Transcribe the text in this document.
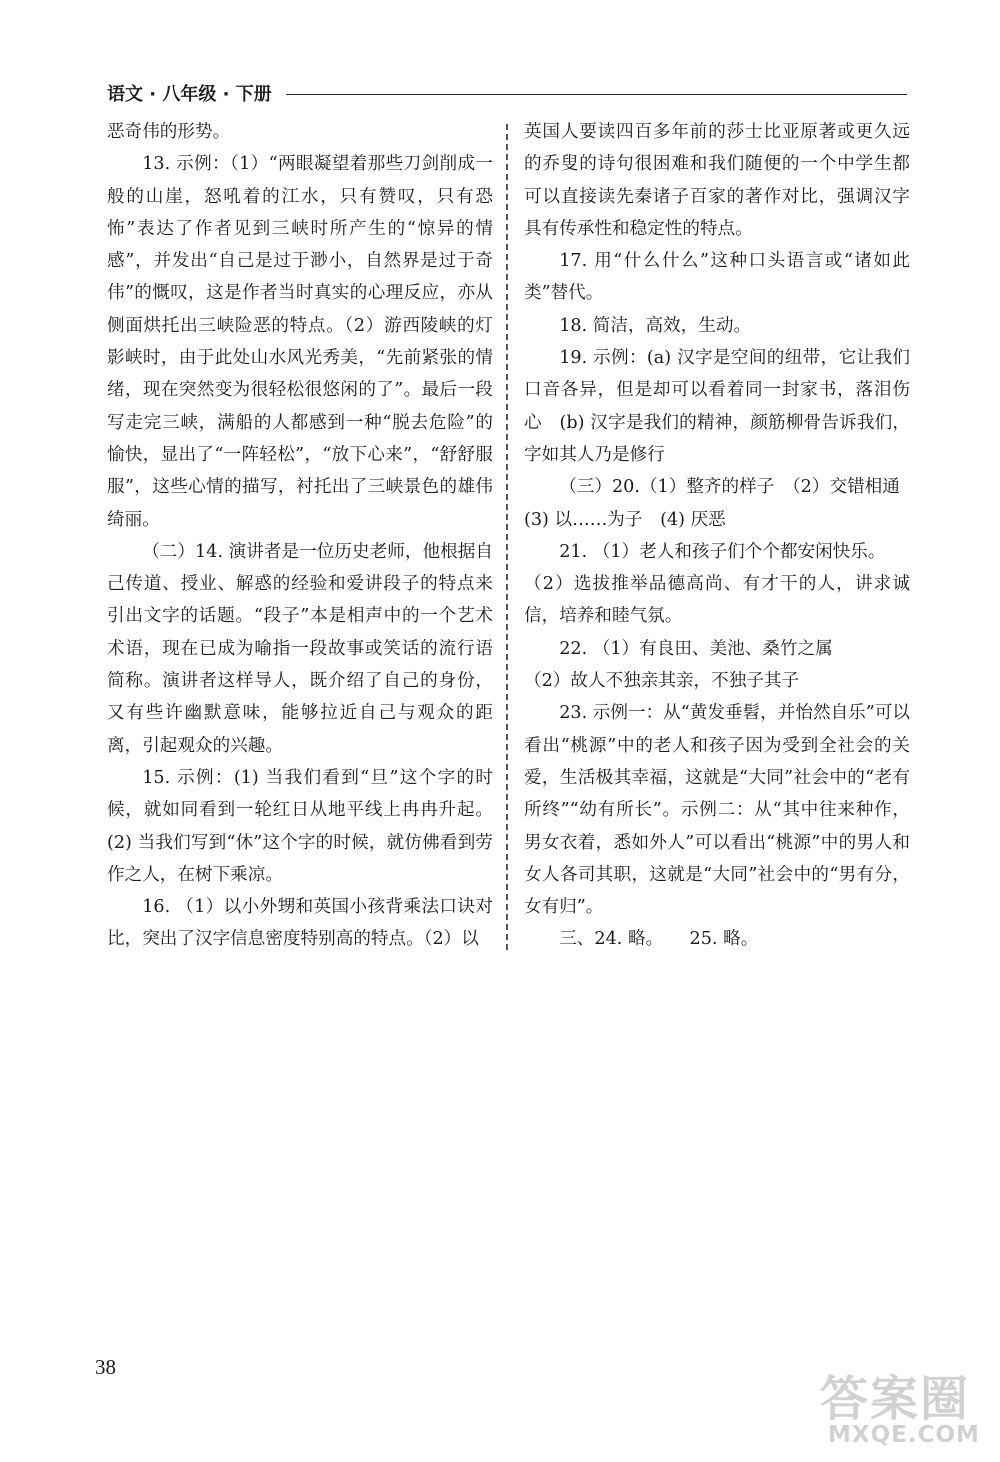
语文 · 八年级 · 下册

恶奇伟的形势。

13. 示例：（1）“两眼凝望着那些刀剑削成一般的山崖，怒吼着的江水，只有赞叹，只有恐怖”表达了作者见到三峡时所产生的“惊异的情感”，并发出“自己是过于渺小，自然界是过于奇伟”的慨叹，这是作者当时真实的心理反应，亦从侧面烘托出三峡险恶的特点。（2）游西陵峡的灯影峡时，由于此处山水风光秀美，“先前紧张的情绪，现在突然变为很轻松很悠闲的了”。最后一段写走完三峡，满船的人都感到一种“脱去危险”的愉快，显出了“一阵轻松”，“放下心来”，“舒舒服服”，这些心情的描写，衬托出了三峡景色的雄伟绮丽。

（二）14. 演讲者是一位历史老师，他根据自己传道、授业、解惑的经验和爱讲段子的特点来引出文字的话题。“段子”本是相声中的一个艺术术语，现在已成为喻指一段故事或笑话的流行语简称。演讲者这样导人，既介绍了自己的身份，又有些许幽默意味，能够拉近自己与观众的距离，引起观众的兴趣。

15. 示例：(1) 当我们看到“旦”这个字的时候，就如同看到一轮红日从地平线上冉冉升起。(2) 当我们写到“休”这个字的时候，就仿佛看到劳作之人，在树下乘凉。

16. （1）以小外甥和英国小孩背乘法口诀对比，突出了汉字信息密度特别高的特点。（2）以

英国人要读四百多年前的莎士比亚原著或更久远的乔叟的诗句很困难和我们随便的一个中学生都可以直接读先秦诸子百家的著作对比，强调汉字具有传承性和稳定性的特点。

17. 用“什么什么”这种口头语言或“诸如此类”替代。

18. 简洁，高效，生动。

19. 示例：(a) 汉字是空间的纽带，它让我们口音各异，但是却可以看着同一封家书，落泪伤心　(b) 汉字是我们的精神，颜筋柳骨告诉我们，字如其人乃是修行

（三）20.（1）整齐的样子　（2）交错相通

(3) 以……为子　(4) 厌恶

21. （1）老人和孩子们个个都安闲快乐。

（2）选拔推举品德高尚、有才干的人，讲求诚信，培养和睦气氛。

22. （1）有良田、美池、桑竹之属

（2）故人不独亲其亲，不独子其子

23. 示例一：从“黄发垂髫，并怡然自乐”可以看出“桃源”中的老人和孩子因为受到全社会的关爱，生活极其幸福，这就是“大同”社会中的“老有所终”“幼有所长”。示例二：从“其中往来种作，男女衣着，悉如外人”可以看出“桃源”中的男人和女人各司其职，这就是“大同”社会中的“男有分，女有归”。

三、24. 略。　　25. 略。

38
答案圈
MXQE.COM
